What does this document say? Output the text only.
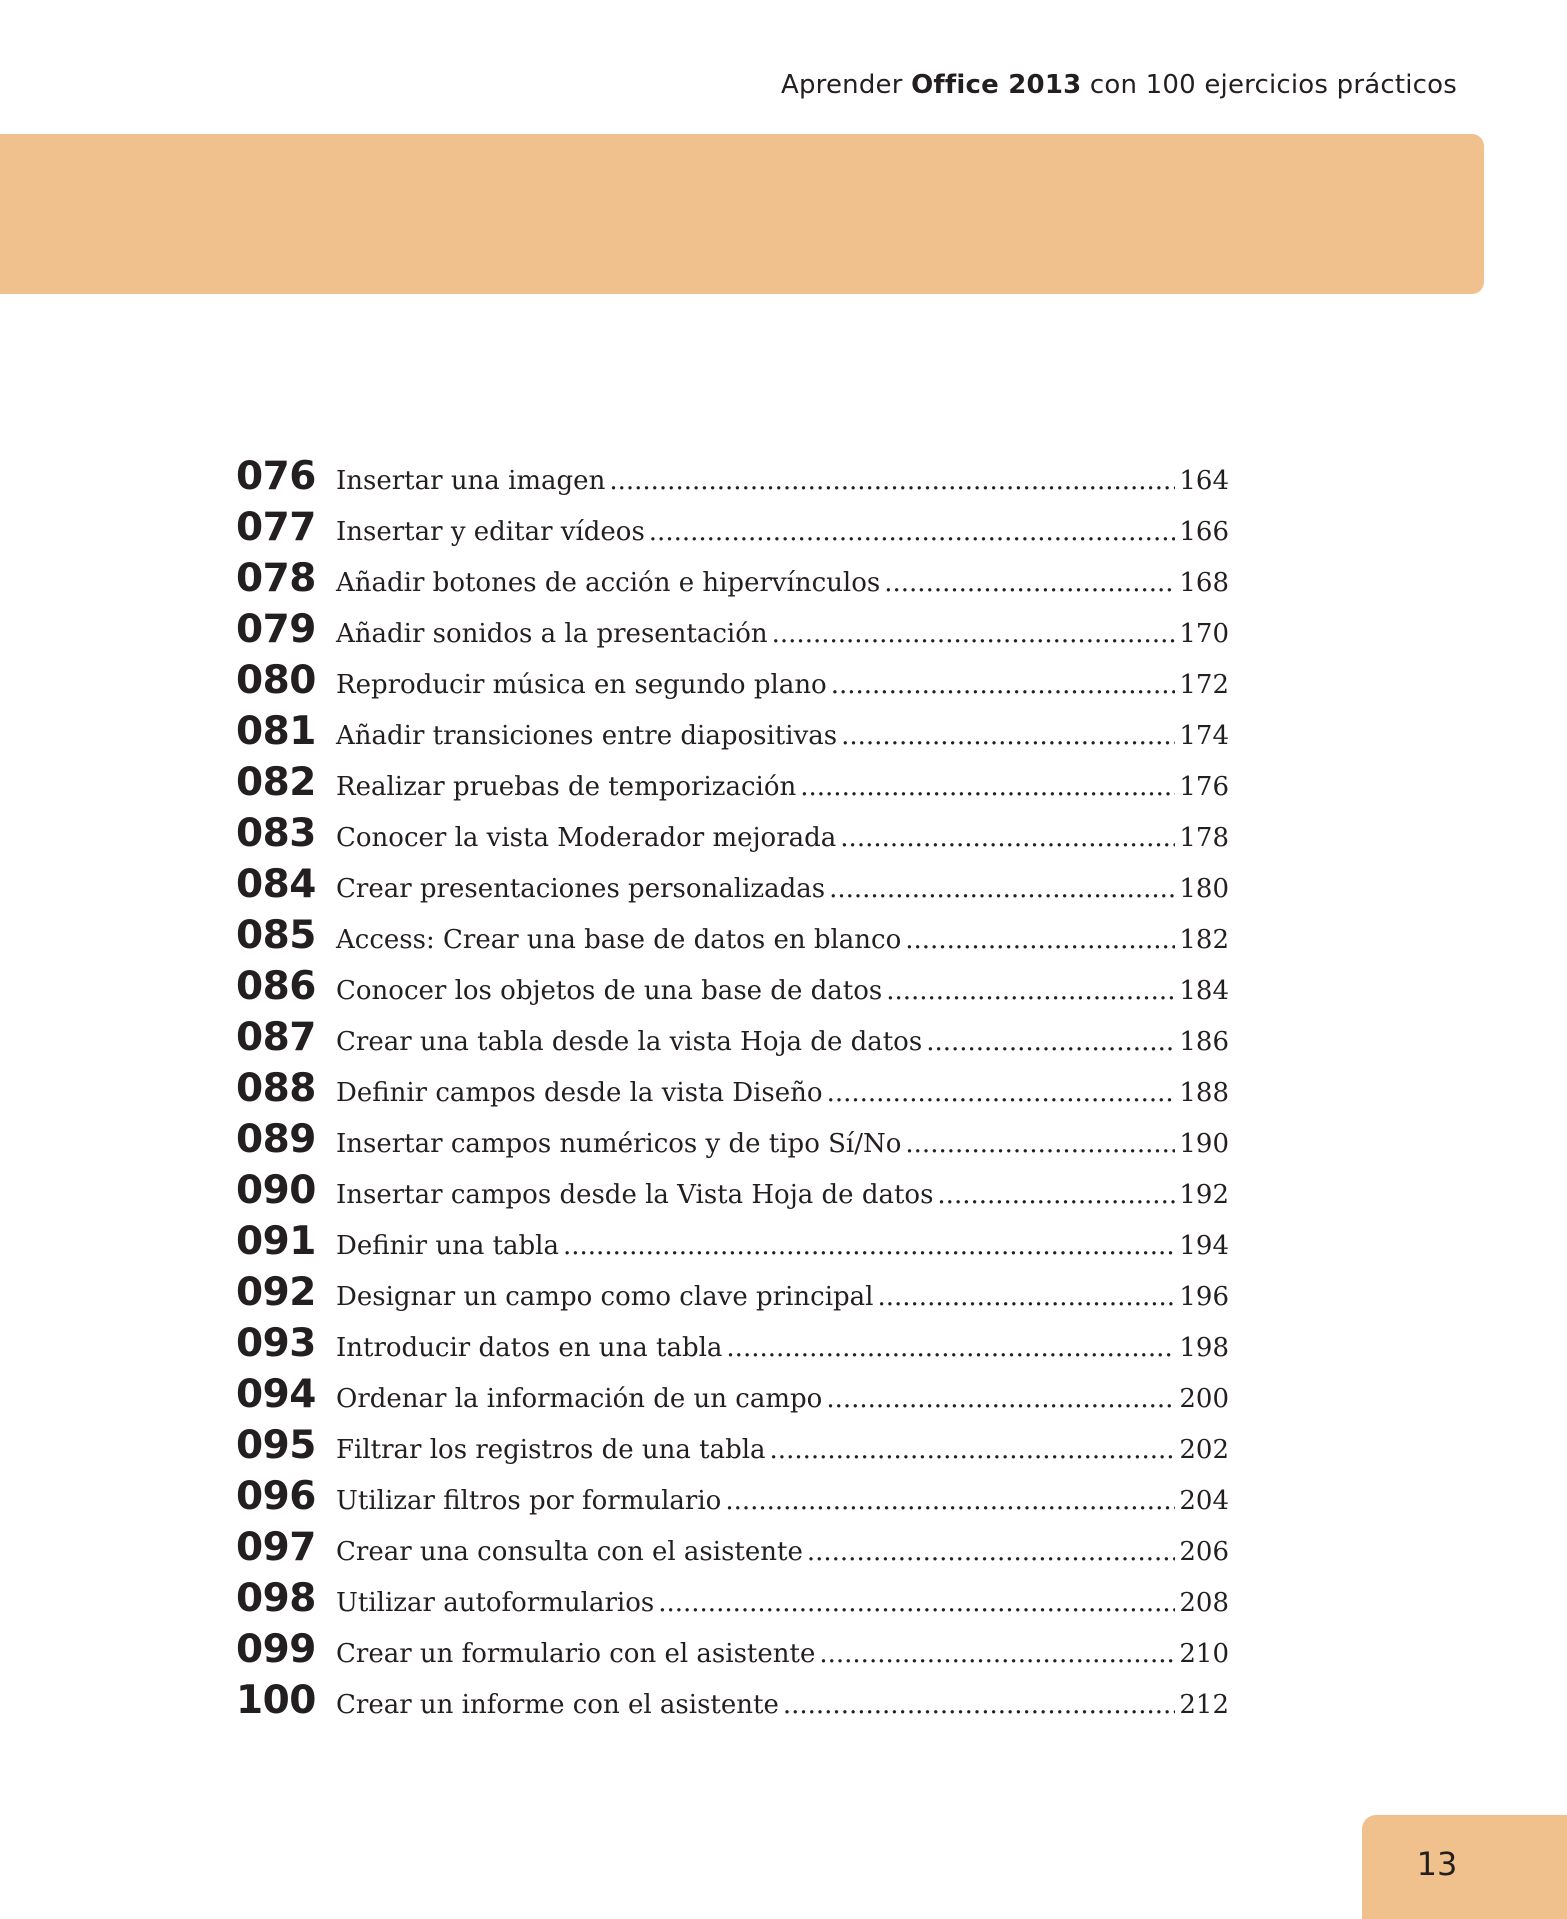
Aprender Office 2013 con 100 ejercicios prácticos
076 Insertar una imagen .....	164
077 Insertar y editar vídeos .....	166
078 Añadir botones de acción e hipervínculos .....	168
079 Añadir sonidos a la presentación .....	170
080 Reproducir música en segundo plano .....	172
081 Añadir transiciones entre diapositivas .....	174
082 Realizar pruebas de temporización .....	176
083 Conocer la vista Moderador mejorada .....	178
084 Crear presentaciones personalizadas .....	180
085 Access: Crear una base de datos en blanco .....	182
086 Conocer los objetos de una base de datos .....	184
087 Crear una tabla desde la vista Hoja de datos .....	186
088 Definir campos desde la vista Diseño .....	188
089 Insertar campos numéricos y de tipo Sí/No .....	190
090 Insertar campos desde la Vista Hoja de datos .....	192
091 Definir una tabla .....	194
092 Designar un campo como clave principal .....	196
093 Introducir datos en una tabla .....	198
094 Ordenar la información de un campo .....	200
095 Filtrar los registros de una tabla .....	202
096 Utilizar filtros por formulario .....	204
097 Crear una consulta con el asistente .....	206
098 Utilizar autoformularios .....	208
099 Crear un formulario con el asistente .....	210
100 Crear un informe con el asistente .....	212
13
